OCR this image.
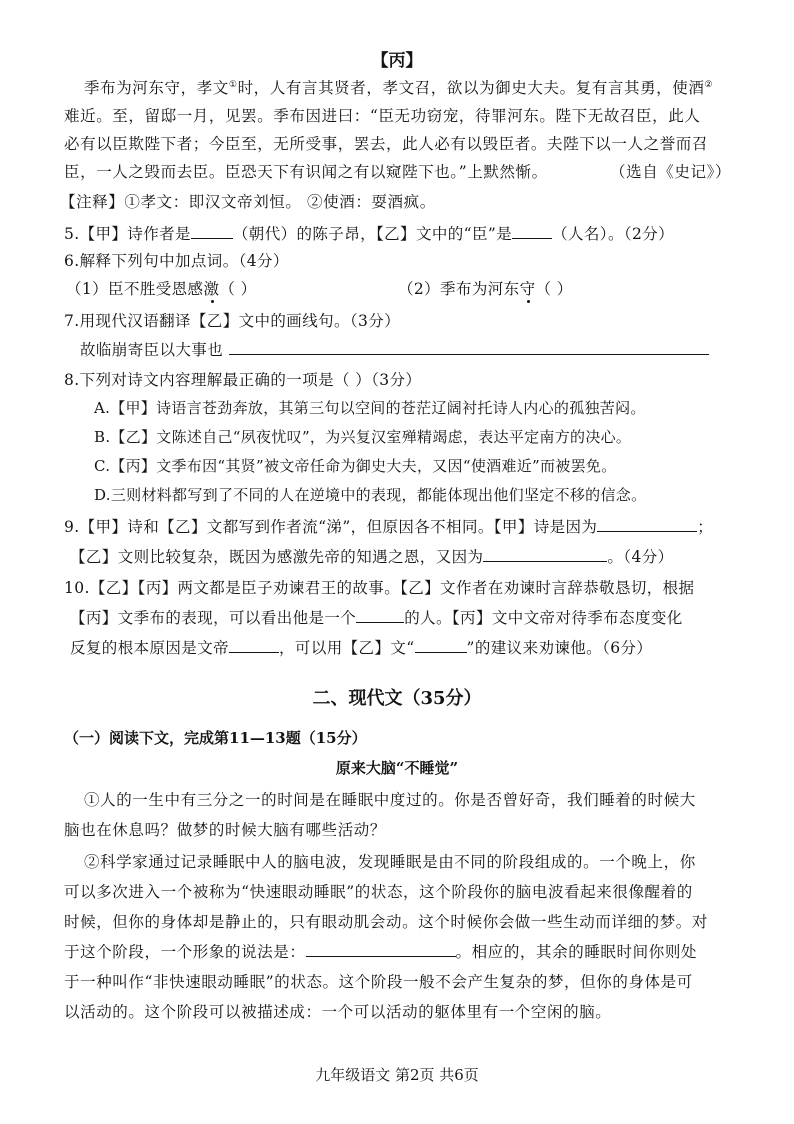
【丙】
季布为河东守，孝文①时，人有言其贤者，孝文召，欲以为御史大夫。复有言其勇，使酒②
难近。至，留邸一月，见罢。季布因进曰：“臣无功窃宠，待罪河东。陛下无故召臣，此人
必有以臣欺陛下者；今臣至，无所受事，罢去，此人必有以毁臣者。夫陛下以一人之誉而召
臣，一人之毁而去臣。臣恐天下有识闻之有以窥陛下也。”上默然惭。	（选自《史记》）
【注释】①孝文：即汉文帝刘恒。 ②使酒：耍酒疯。
5.【甲】诗作者是	（朝代）的陈子昂，【乙】文中的“臣”是	（人名）。（2分）
6.解释下列句中加点词。（4分）
（1）臣不胜受恩感激（ ）	（2）季布为河东守（ ）
7.用现代汉语翻译【乙】文中的画线句。（3分）
故临崩寄臣以大事也
8.下列对诗文内容理解最正确的一项是（ ）（3分）
A.【甲】诗语言苍劲奔放，其第三句以空间的苍茫辽阔衬托诗人内心的孤独苦闷。
B.【乙】文陈述自己“夙夜忧叹”，为兴复汉室殚精竭虑，表达平定南方的决心。
C.【丙】文季布因“其贤”被文帝任命为御史大夫，又因“使酒难近”而被罢免。
D.三则材料都写到了不同的人在逆境中的表现，都能体现出他们坚定不移的信念。
9.【甲】诗和【乙】文都写到作者流“涕”，但原因各不相同。【甲】诗是因为	；
【乙】文则比较复杂，既因为感激先帝的知遇之恩，又因为	。（4分）
10.【乙】【丙】两文都是臣子劝谏君王的故事。【乙】文作者在劝谏时言辞恭敬恳切，根据
【丙】文季布的表现，可以看出他是一个	的人。【丙】文中文帝对待季布态度变化
反复的根本原因是文帝	，可以用【乙】文“	”的建议来劝谏他。（6分）
二、现代文（35分）
（一）阅读下文，完成第11—13题（15分）
原来大脑“不睡觉”
①人的一生中有三分之一的时间是在睡眠中度过的。你是否曾好奇，我们睡着的时候大
脑也在休息吗？做梦的时候大脑有哪些活动？
②科学家通过记录睡眠中人的脑电波，发现睡眠是由不同的阶段组成的。一个晚上，你
可以多次进入一个被称为“快速眼动睡眠”的状态，这个阶段你的脑电波看起来很像醒着的
时候，但你的身体却是静止的，只有眼动肌会动。这个时候你会做一些生动而详细的梦。对
于这个阶段，一个形象的说法是：	。相应的，其余的睡眠时间你则处
于一种叫作“非快速眼动睡眠”的状态。这个阶段一般不会产生复杂的梦，但你的身体是可
以活动的。这个阶段可以被描述成：一个可以活动的躯体里有一个空闲的脑。
九年级语文 第2页 共6页
